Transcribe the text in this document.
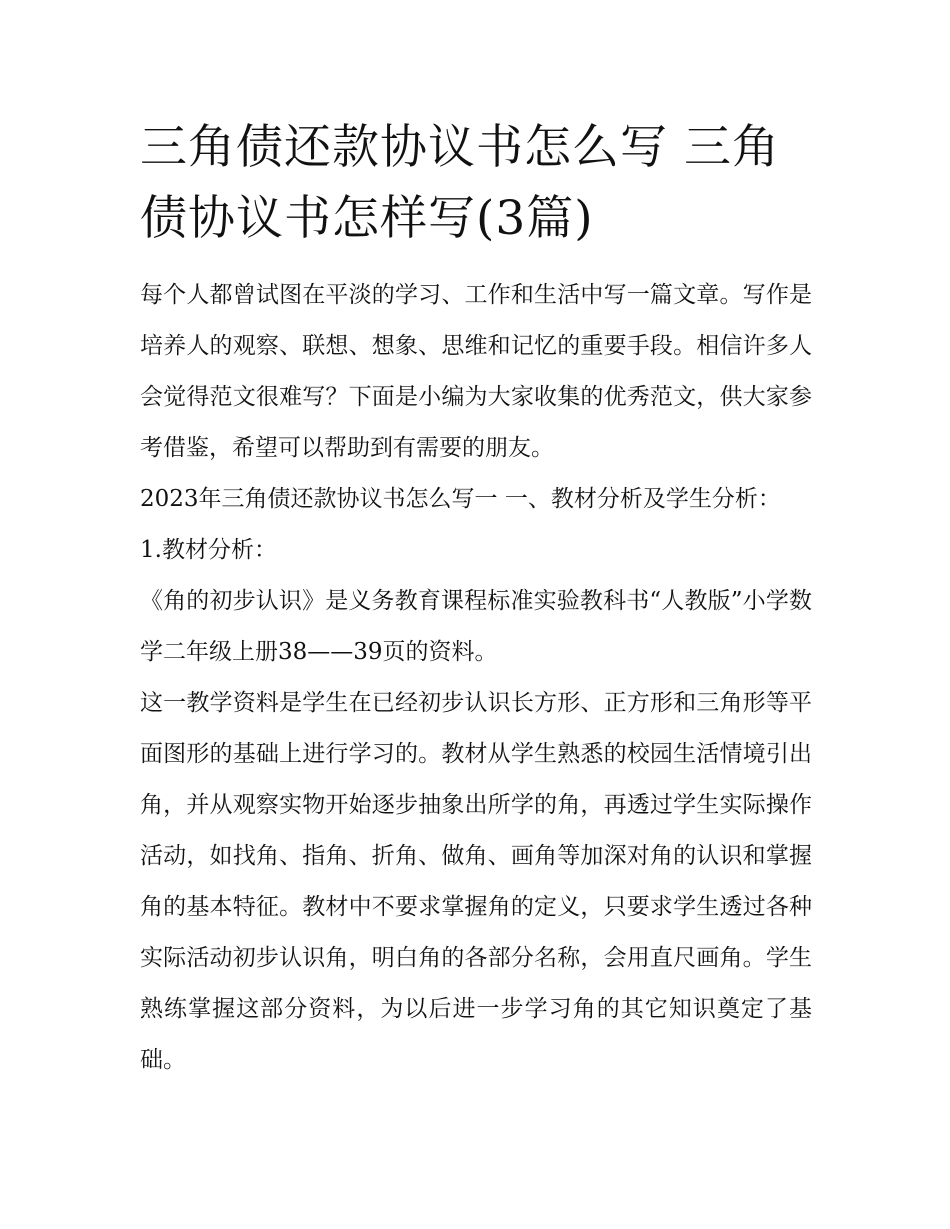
三角债还款协议书怎么写 三角债协议书怎样写(3篇)

每个人都曾试图在平淡的学习、工作和生活中写一篇文章。写作是培养人的观察、联想、想象、思维和记忆的重要手段。相信许多人会觉得范文很难写？下面是小编为大家收集的优秀范文，供大家参考借鉴，希望可以帮助到有需要的朋友。

2023年三角债还款协议书怎么写一 一、教材分析及学生分析：  1.教材分析：

《角的初步认识》是义务教育课程标准实验教科书“人教版”小学数学二年级上册38——39页的资料。

这一教学资料是学生在已经初步认识长方形、正方形和三角形等平面图形的基础上进行学习的。教材从学生熟悉的校园生活情境引出角，并从观察实物开始逐步抽象出所学的角，再透过学生实际操作活动，如找角、指角、折角、做角、画角等加深对角的认识和掌握角的基本特征。教材中不要求掌握角的定义，只要求学生透过各种实际活动初步认识角，明白角的各部分名称，会用直尺画角。学生熟练掌握这部分资料，为以后进一步学习角的其它知识奠定了基础。
